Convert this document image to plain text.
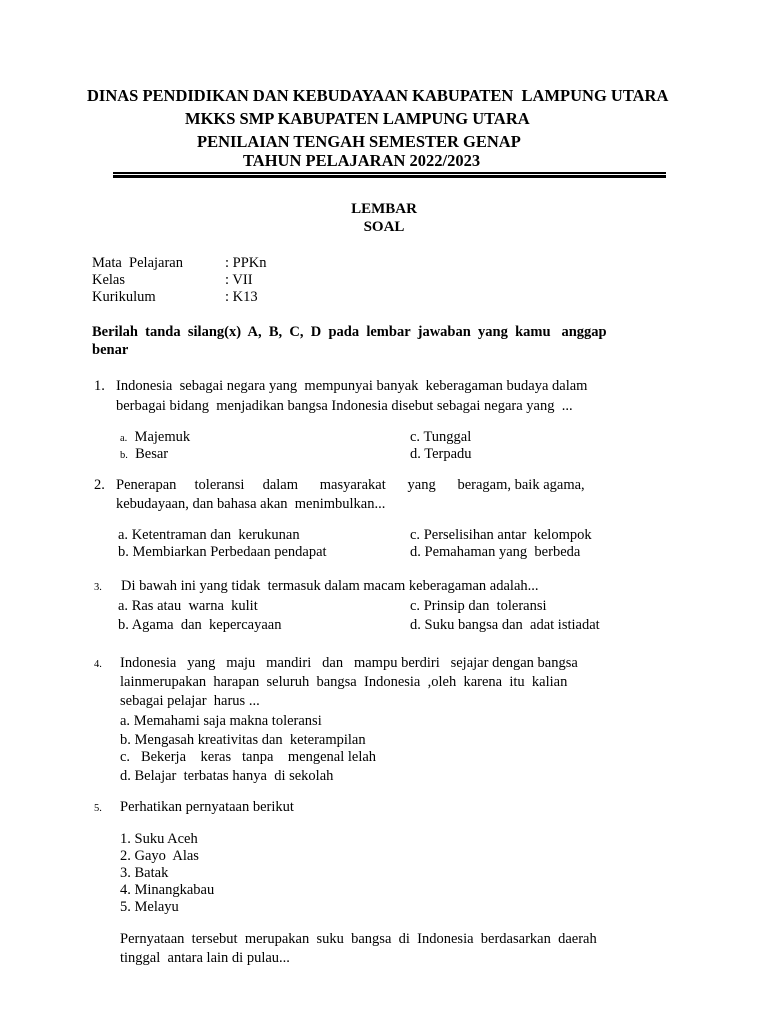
DINAS PENDIDIKAN DAN KEBUDAYAAN KABUPATEN  LAMPUNG UTARA
MKKS SMP KABUPATEN LAMPUNG UTARA
PENILAIAN TENGAH SEMESTER GENAP
TAHUN PELAJARAN 2022/2023
LEMBAR
SOAL
Mata  Pelajaran	: PPKn
Kelas	: VII
Kurikulum	: K13
Berilah  tanda  silang(x)  A,  B,  C,  D  pada  lembar  jawaban  yang  kamu   anggap
benar
1. Indonesia  sebagai negara yang  mempunyai banyak  keberagaman budaya dalam
berbagai bidang  menjadikan bangsa Indonesia disebut sebagai negara yang  ...
a. Majemuk
b. Besar
c. Tunggal
d. Terpadu
2. Penerapan     toleransi     dalam      masyarakat      yang      beragam, baik agama,
kebudayaan, dan bahasa akan  menimbulkan...
a. Ketentraman dan  kerukunan
b. Membiarkan Perbedaan pendapat
c. Perselisihan antar  kelompok
d. Pemahaman yang  berbeda
3. Di bawah ini yang tidak  termasuk dalam macam keberagaman adalah...
a. Ras atau  warna  kulit
b. Agama  dan  kepercayaan
c. Prinsip dan  toleransi
d. Suku bangsa dan  adat istiadat
4. Indonesia   yang   maju   mandiri   dan   mampu berdiri   sejajar dengan bangsa
lainmerupakan  harapan  seluruh  bangsa  Indonesia  ,oleh  karena  itu  kalian
sebagai pelajar  harus ...
a. Memahami saja makna toleransi
b. Mengasah kreativitas dan  keterampilan
c. Bekerja    keras   tanpa    mengenal lelah
d. Belajar  terbatas hanya  di sekolah
5. Perhatikan pernyataan berikut
1. Suku Aceh
2. Gayo  Alas
3. Batak
4. Minangkabau
5. Melayu
Pernyataan  tersebut  merupakan  suku  bangsa  di  Indonesia  berdasarkan  daerah
tinggal  antara lain di pulau...
